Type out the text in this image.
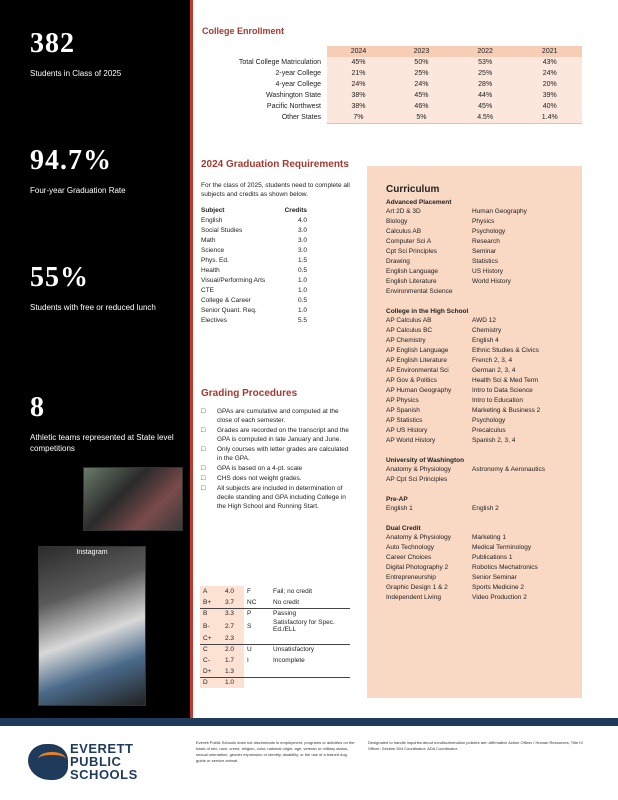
382
Students in Class of 2025
94.7%
Four-year Graduation Rate
55%
Students with free or reduced lunch
8
Athletic teams represented at State level competitions
Instagram
College Enrollment
	2024	2023	2022	2021
Total College Matriculation	45%	50%	53%	43%
2-year College	21%	25%	25%	24%
4-year College	24%	24%	28%	20%
Washington State	38%	45%	44%	39%
Pacific Northwest	38%	46%	45%	40%
Other States	7%	5%	4.5%	1.4%
2024 Graduation Requirements
For the class of 2025, students need to complete all subjects and credits as shown below.
Subject	Credits
English	4.0
Social Studies	3.0
Math	3.0
Science	3.0
Phys. Ed.	1.5
Health	0.5
Visual/Performing Arts	1.0
CTE	1.0
College & Career	0.5
Senior Quant. Req.	1.0
Electives	5.5
Grading Procedures
□ GPAs are cumulative and computed at the close of each semester.
□ Grades are recorded on the transcript and the GPA is computed in late January and June.
□ Only courses with letter grades are calculated in the GPA.
□ GPA is based on a 4-pt. scale
□ CHS does not weight grades.
□ All subjects are included in determination of decile standing and GPA including College in the High School and Running Start.
A	4.0	F	Fail; no credit
B+	3.7	NC	No credit
B	3.3	P	Passing
B-	2.7	S	Satisfactory for Spec. Ed./ELL
C+	2.3		
C	2.0	U	Unsatisfactory
C-	1.7	I	Incomplete
D+	1.3		
D	1.0		
Curriculum
Advanced Placement
Art 2D & 3D	Human Geography
Biology	Physics
Calculus AB	Psychology
Computer Sci A	Research
Cpt Sci Principles	Seminar
Drawing	Statistics
English Language	US History
English Literature	World History
Environmental Science
College in the High School
AP Calculus AB	AWD 12
AP Calculus BC	Chemistry
AP Chemistry	English 4
AP English Language	Ethnic Studies & Civics
AP English Literature	French 2, 3, 4
AP Environmental Sci	German 2, 3, 4
AP Gov & Politics	Health Sci & Med Term
AP Human Geography	Intro to Data Science
AP Physics	Intro to Education
AP Spanish	Marketing & Business 2
AP Statistics	Psychology
AP US History	Precalculus
AP World History	Spanish 2, 3, 4
University of Washington
Anatomy & Physiology	Astronomy & Aeronautics
AP Cpt Sci Principles
Pre-AP
English 1	English 2
Dual Credit
Anatomy & Physiology	Marketing 1
Auto Technology	Medical Terminology
Career Choices	Publications 1
Digital Photography 2	Robotics Mechatronics
Entrepreneurship	Senior Seminar
Graphic Design 1 & 2	Sports Medicine 2
Independent Living	Video Production 2
EVERETT
PUBLIC
SCHOOLS
Everett Public Schools does not discriminate in employment, programs or activities on the basis of sex, race, creed, religion, color, national origin, age, veteran or military status, sexual orientation, gender expression or identity, disability, or the use of a trained dog guide or service animal.
Designated to handle inquiries about nondiscrimination policies are: Affirmative Action Officer / Human Resources; Title IX Officer; Section 504 Coordinator; ADA Coordinator.
